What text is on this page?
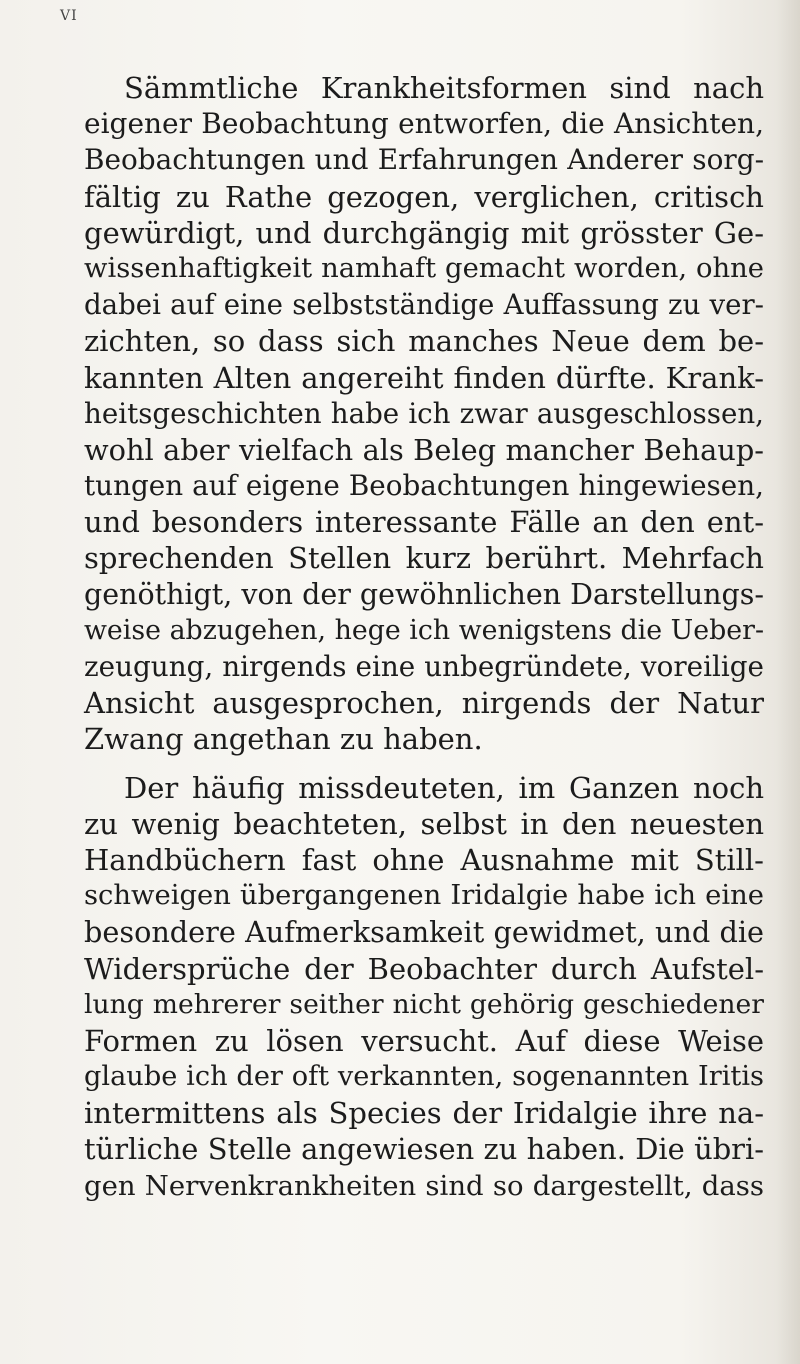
VI
Sämmtliche Krankheitsformen sind nach
eigener Beobachtung entworfen, die Ansichten,
Beobachtungen und Erfahrungen Anderer sorg-
fältig zu Rathe gezogen, verglichen, critisch
gewürdigt, und durchgängig mit grösster Ge-
wissenhaftigkeit namhaft gemacht worden, ohne
dabei auf eine selbstständige Auffassung zu ver-
zichten, so dass sich manches Neue dem be-
kannten Alten angereiht finden dürfte. Krank-
heitsgeschichten habe ich zwar ausgeschlossen,
wohl aber vielfach als Beleg mancher Behaup-
tungen auf eigene Beobachtungen hingewiesen,
und besonders interessante Fälle an den ent-
sprechenden Stellen kurz berührt. Mehrfach
genöthigt, von der gewöhnlichen Darstellungs-
weise abzugehen, hege ich wenigstens die Ueber-
zeugung, nirgends eine unbegründete, voreilige
Ansicht ausgesprochen, nirgends der Natur
Zwang angethan zu haben.
Der häufig missdeuteten, im Ganzen noch
zu wenig beachteten, selbst in den neuesten
Handbüchern fast ohne Ausnahme mit Still-
schweigen übergangenen Iridalgie habe ich eine
besondere Aufmerksamkeit gewidmet, und die
Widersprüche der Beobachter durch Aufstel-
lung mehrerer seither nicht gehörig geschiedener
Formen zu lösen versucht. Auf diese Weise
glaube ich der oft verkannten, sogenannten Iritis
intermittens als Species der Iridalgie ihre na-
türliche Stelle angewiesen zu haben. Die übri-
gen Nervenkrankheiten sind so dargestellt, dass
